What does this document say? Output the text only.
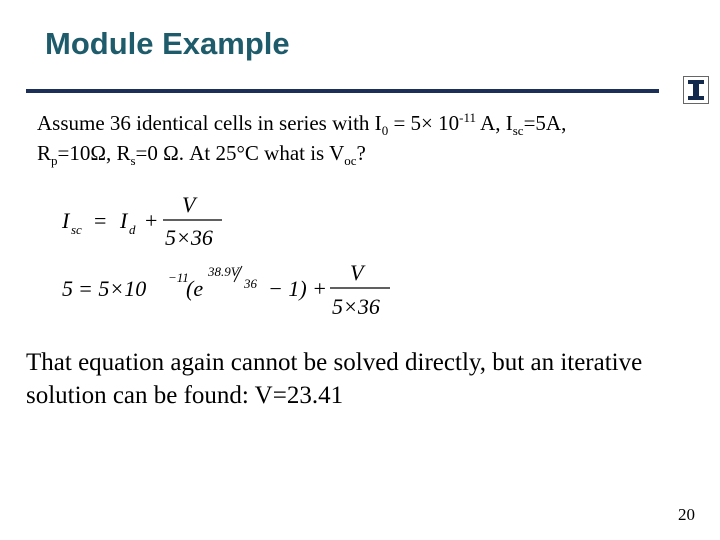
Module Example

Assume 36 identical cells in series with $I_0 = 5\times 10^{-11}$ A, $I_{sc}=5A$,

$R_p=10\Omega$, $R_s=0$ Ω. At 25°C what is $V_{oc}$?

I sc = I d +
V
5×36
5 = 5×10 −11
(e
38.9V
36 − 1) +
V
5×36

That equation again cannot be solved directly, but an iterative solution can be found: V=23.41

20
